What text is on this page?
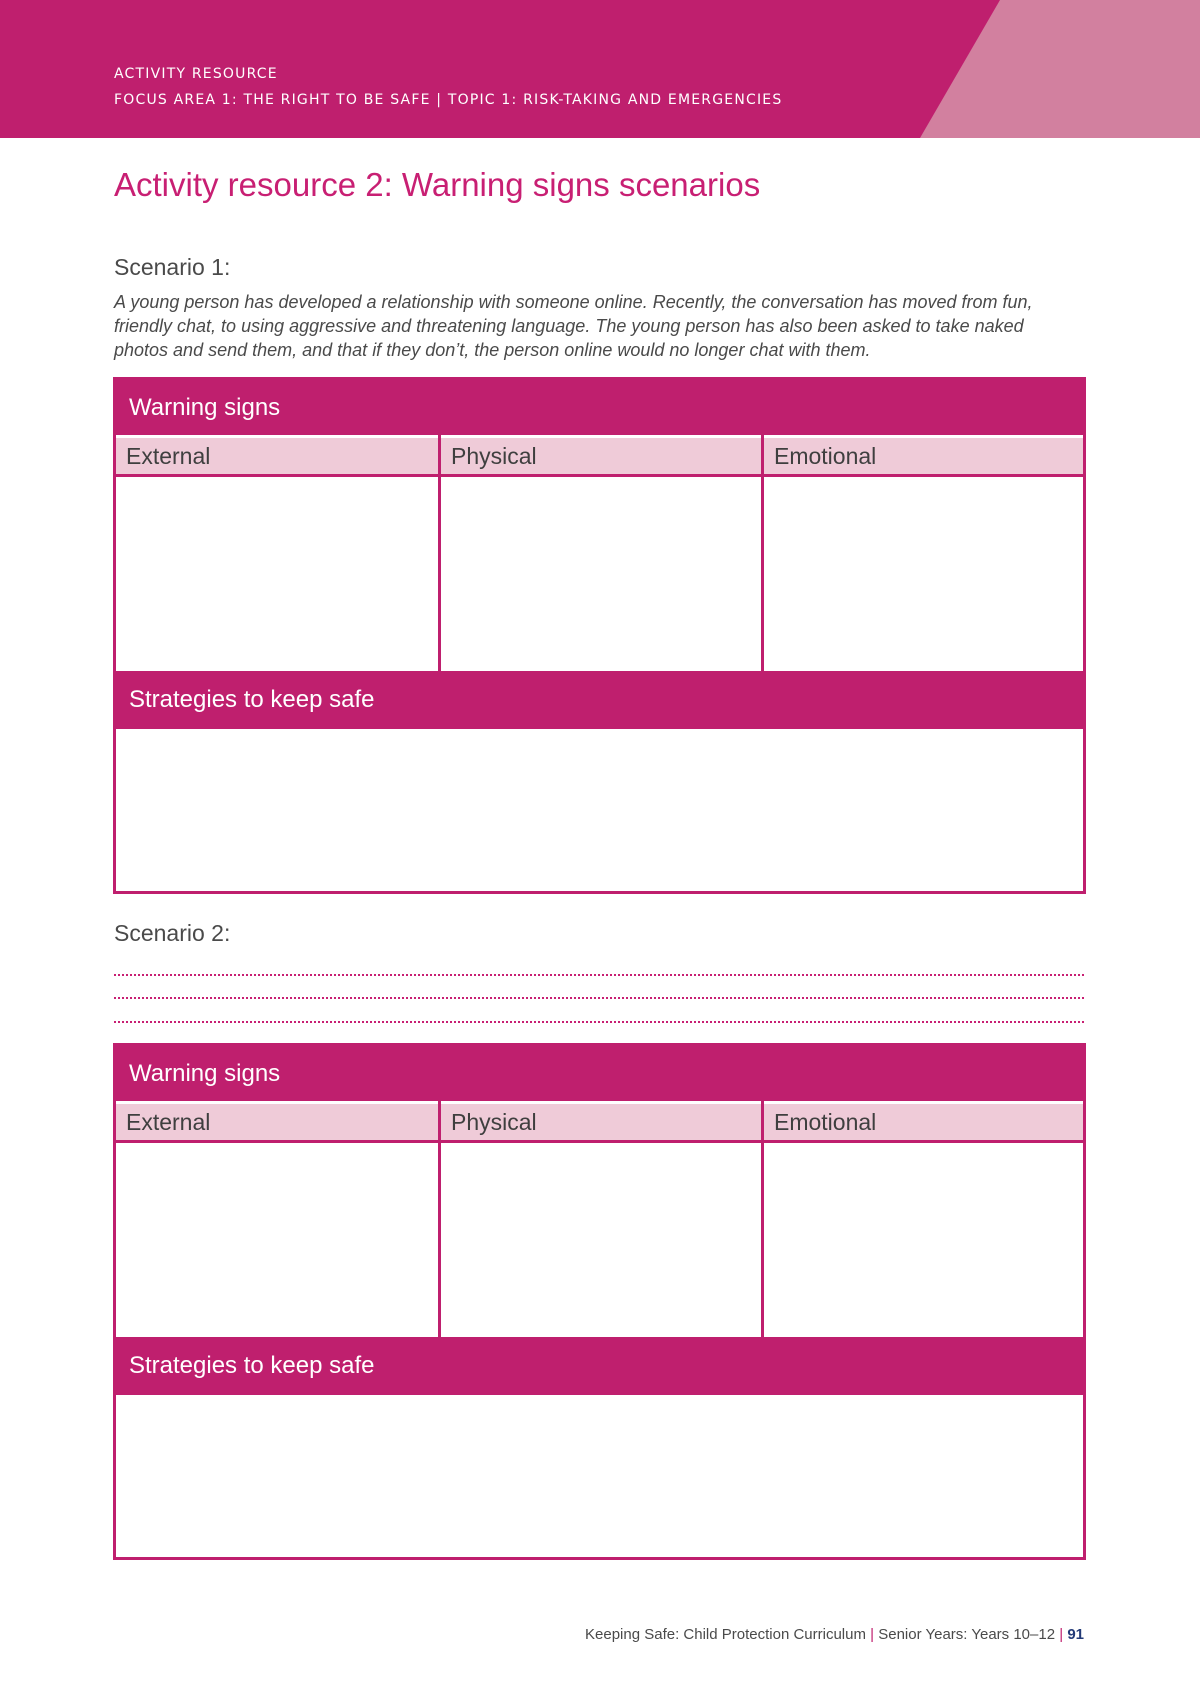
ACTIVITY RESOURCE
FOCUS AREA 1: THE RIGHT TO BE SAFE | TOPIC 1: RISK-TAKING AND EMERGENCIES
Activity resource 2: Warning signs scenarios
Scenario 1:

A young person has developed a relationship with someone online. Recently, the conversation has moved from fun, friendly chat, to using aggressive and threatening language. The young person has also been asked to take naked photos and send them, and that if they don’t, the person online would no longer chat with them.

Warning signs
External	Physical	Emotional
Strategies to keep safe
Scenario 2:
Warning signs
External	Physical	Emotional
Strategies to keep safe
Keeping Safe: Child Protection Curriculum | Senior Years: Years 10–12 | 91
